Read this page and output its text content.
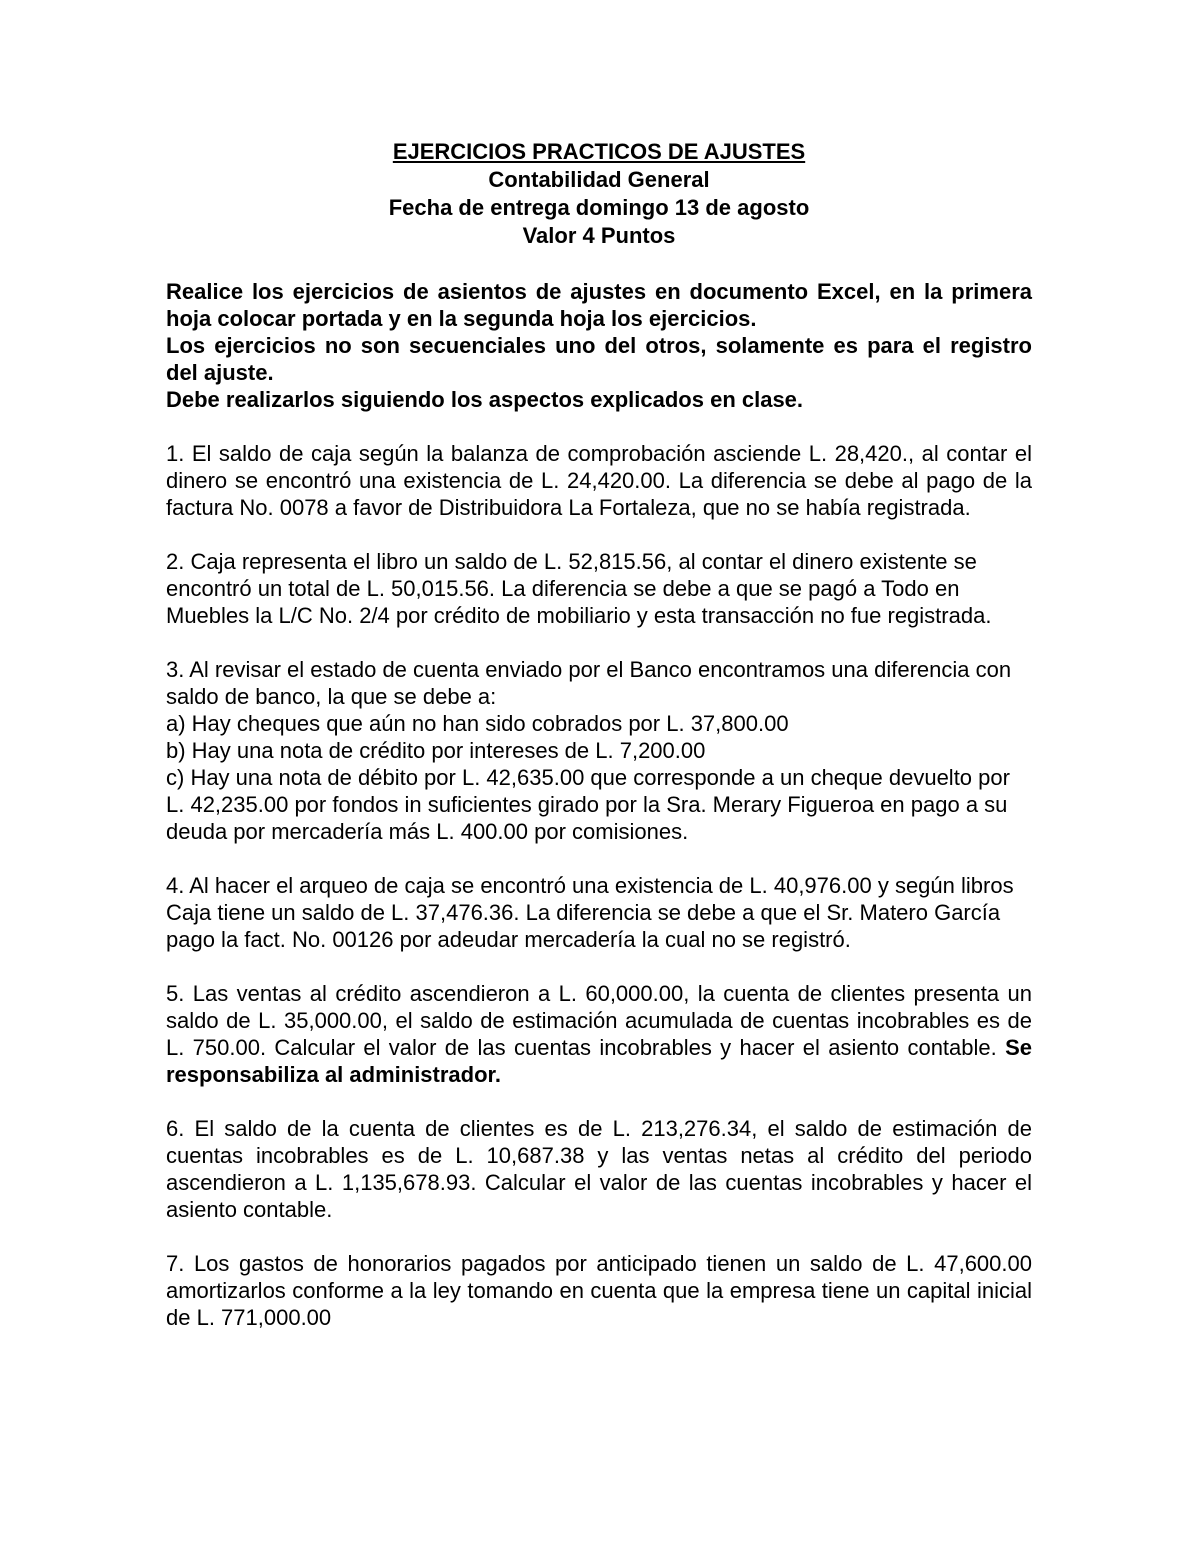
EJERCICIOS PRACTICOS DE AJUSTES
Contabilidad General
Fecha de entrega domingo 13 de agosto
Valor 4 Puntos

Realice los ejercicios de asientos de ajustes en documento Excel, en la primera hoja colocar portada y en la segunda hoja los ejercicios.

Los ejercicios no son secuenciales uno del otros, solamente es para el registro del ajuste.

Debe realizarlos siguiendo los aspectos explicados en clase.

1. El saldo de caja según la balanza de comprobación asciende L. 28,420., al contar el dinero se encontró una existencia de L. 24,420.00. La diferencia se debe al pago de la factura No. 0078 a favor de Distribuidora La Fortaleza, que no se había registrada.

2. Caja representa el libro un saldo de L. 52,815.56, al contar el dinero existente se encontró un total de L. 50,015.56. La diferencia se debe a que se pagó a Todo en Muebles la L/C No. 2/4 por crédito de mobiliario y esta transacción no fue registrada.

3. Al revisar el estado de cuenta enviado por el Banco encontramos una diferencia con saldo de banco, la que se debe a:

a) Hay cheques que aún no han sido cobrados por L. 37,800.00

b) Hay una nota de crédito por intereses de L. 7,200.00

c) Hay una nota de débito por L. 42,635.00 que corresponde a un cheque devuelto por L. 42,235.00 por fondos in suficientes girado por la Sra. Merary Figueroa en pago a su deuda por mercadería más L. 400.00 por comisiones.

4. Al hacer el arqueo de caja se encontró una existencia de L. 40,976.00 y según libros Caja tiene un saldo de L. 37,476.36. La diferencia se debe a que el Sr. Matero García pago la fact. No. 00126 por adeudar mercadería la cual no se registró.

5. Las ventas al crédito ascendieron a L. 60,000.00, la cuenta de clientes presenta un saldo de L. 35,000.00, el saldo de estimación acumulada de cuentas incobrables es de L. 750.00. Calcular el valor de las cuentas incobrables y hacer el asiento contable. Se responsabiliza al administrador.

6. El saldo de la cuenta de clientes es de L. 213,276.34, el saldo de estimación de cuentas incobrables es de L. 10,687.38 y las ventas netas al crédito del periodo ascendieron a L. 1,135,678.93. Calcular el valor de las cuentas incobrables y hacer el asiento contable.

7. Los gastos de honorarios pagados por anticipado tienen un saldo de L. 47,600.00 amortizarlos conforme a la ley tomando en cuenta que la empresa tiene un capital inicial de L. 771,000.00
